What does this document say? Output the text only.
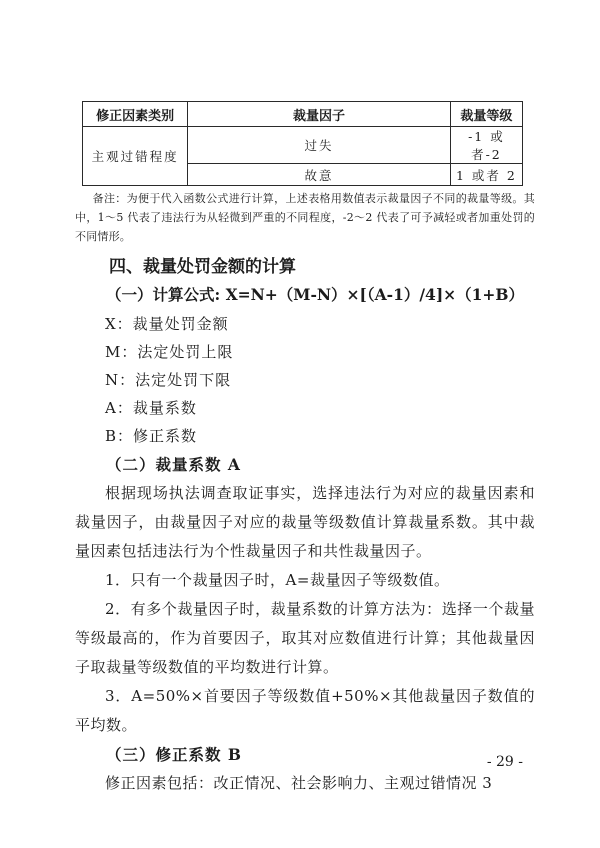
修正因素类别	裁量因子	裁量等级
主观过错程度	过失	-1 或者-2
	故意	1 或者 2
备注：为便于代入函数公式进行计算，上述表格用数值表示裁量因子不同的裁量等级。其中，1～5 代表了违法行为从轻微到严重的不同程度，-2～2 代表了可予减轻或者加重处罚的不同情形。
四、裁量处罚金额的计算
（一）计算公式: X=N+（M-N）×[（A-1）/4]×（1+B）
X：裁量处罚金额
M：法定处罚上限
N：法定处罚下限
A：裁量系数
B：修正系数
（二）裁量系数 A

根据现场执法调查取证事实，选择违法行为对应的裁量因素和裁量因子，由裁量因子对应的裁量等级数值计算裁量系数。其中裁量因素包括违法行为个性裁量因子和共性裁量因子。

1．只有一个裁量因子时，A=裁量因子等级数值。

2．有多个裁量因子时，裁量系数的计算方法为：选择一个裁量等级最高的，作为首要因子，取其对应数值进行计算；其他裁量因子取裁量等级数值的平均数进行计算。

3．A=50%×首要因子等级数值+50%×其他裁量因子数值的平均数。

（三）修正系数 B

修正因素包括：改正情况、社会影响力、主观过错情况 3

- 29 -
